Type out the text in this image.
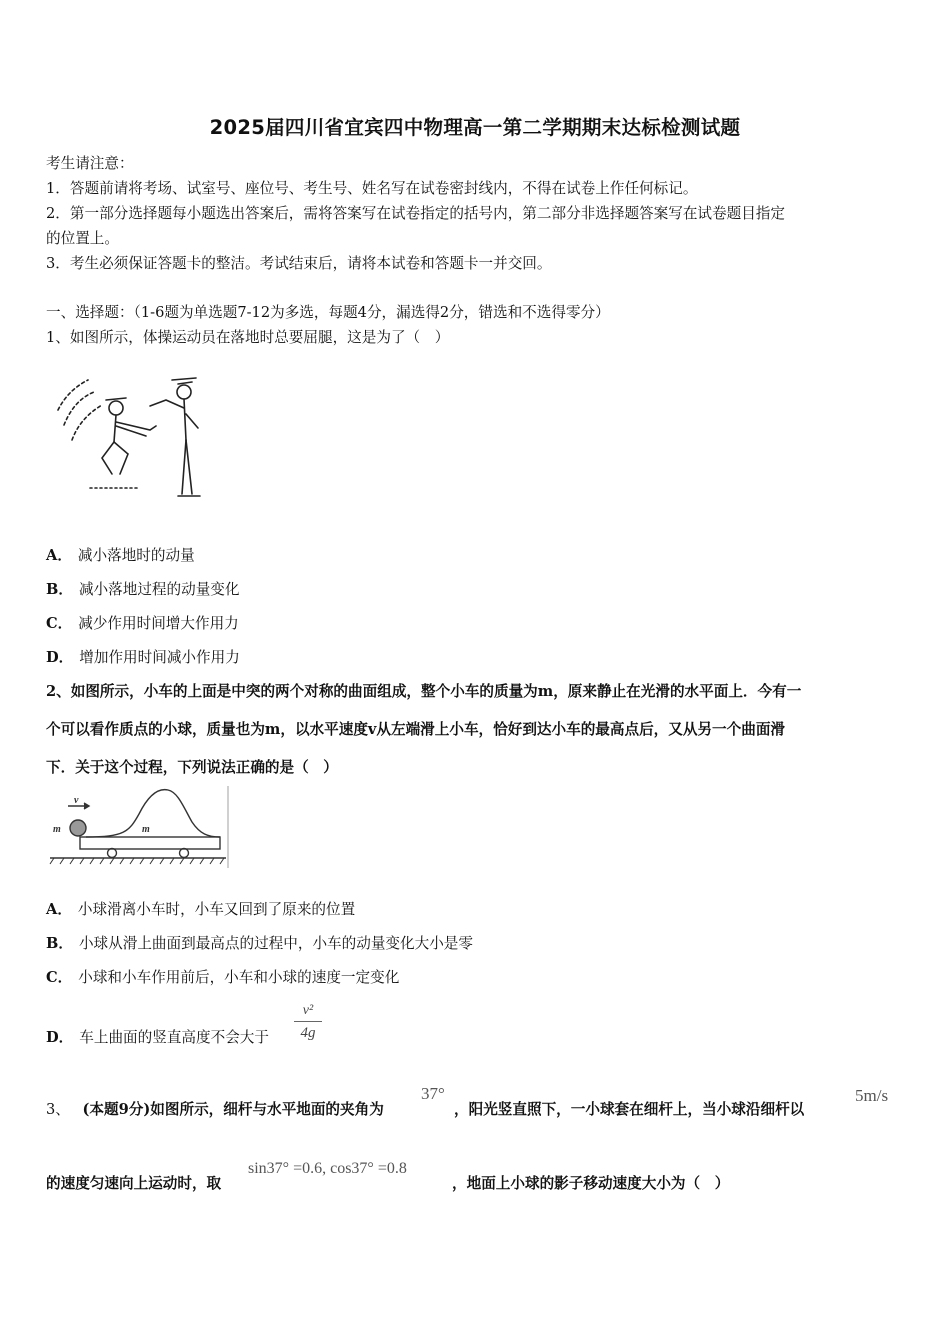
2025届四川省宜宾四中物理高一第二学期期末达标检测试题
考生请注意：
1．答题前请将考场、试室号、座位号、考生号、姓名写在试卷密封线内，不得在试卷上作任何标记。
2．第一部分选择题每小题选出答案后，需将答案写在试卷指定的括号内，第二部分非选择题答案写在试卷题目指定
的位置上。
3．考生必须保证答题卡的整洁。考试结束后，请将本试卷和答题卡一并交回。
一、选择题：（1-6题为单选题7-12为多选，每题4分，漏选得2分，错选和不选得零分）
1、如图所示，体操运动员在落地时总要屈腿，这是为了（　）
A． 减小落地时的动量
B． 减小落地过程的动量变化
C． 减少作用时间增大作用力
D． 增加作用时间减小作用力
2、如图所示，小车的上面是中突的两个对称的曲面组成，整个小车的质量为m，原来静止在光滑的水平面上．今有一
个可以看作质点的小球，质量也为m，以水平速度v从左端滑上小车，恰好到达小车的最高点后，又从另一个曲面滑
下．关于这个过程，下列说法正确的是（　）
v
m	m
A． 小球滑离小车时，小车又回到了原来的位置
B． 小球从滑上曲面到最高点的过程中，小车的动量变化大小是零
C． 小球和小车作用前后，小车和小球的速度一定变化
D． 车上曲面的竖直高度不会大于
v²
4g
3、 (本题9分)如图所示，细杆与水平地面的夹角为
37°
，阳光竖直照下，一小球套在细杆上，当小球沿细杆以
5m/s
的速度匀速向上运动时，取
sin37° =0.6, cos37° =0.8
，地面上小球的影子移动速度大小为（　）
